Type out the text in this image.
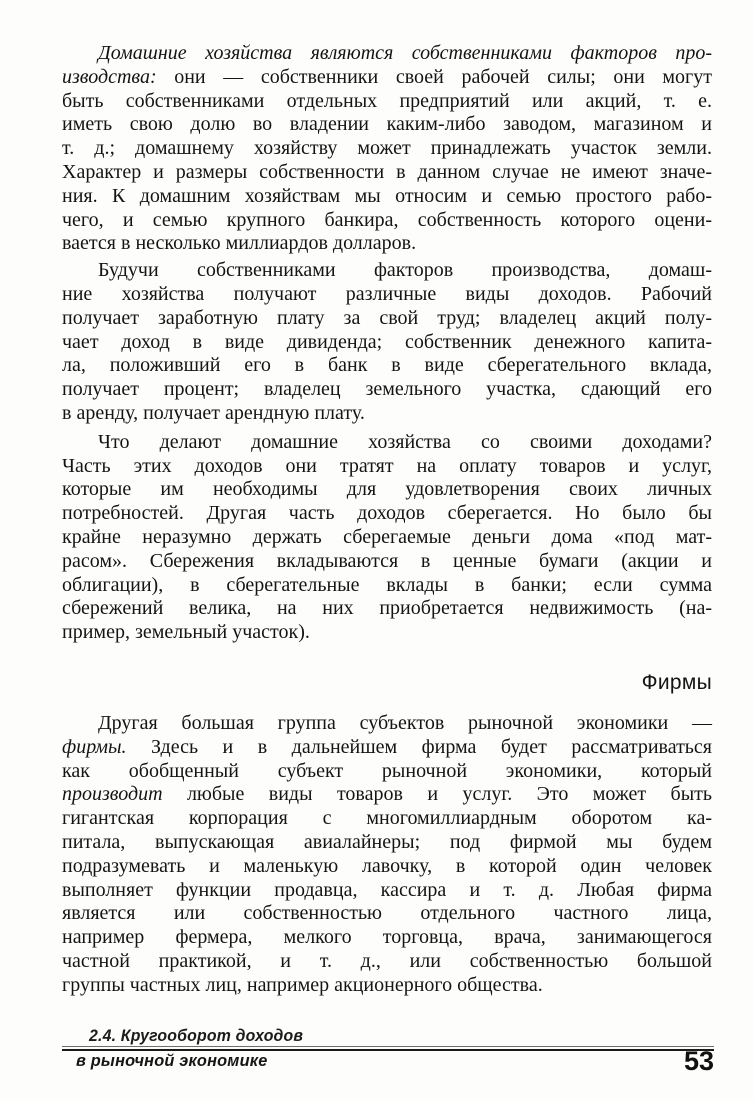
Домашние хозяйства являются собственниками факторов про-
изводства: они — собственники своей рабочей силы; они могут
быть собственниками отдельных предприятий или акций, т. е.
иметь свою долю во владении каким-либо заводом, магазином и
т. д.; домашнему хозяйству может принадлежать участок земли.
Характер и размеры собственности в данном случае не имеют значе-
ния. К домашним хозяйствам мы относим и семью простого рабо-
чего, и семью крупного банкира, собственность которого оцени-
вается в несколько миллиардов долларов.
Будучи собственниками факторов производства, домаш-
ние хозяйства получают различные виды доходов. Рабочий
получает заработную плату за свой труд; владелец акций полу-
чает доход в виде дивиденда; собственник денежного капита-
ла, положивший его в банк в виде сберегательного вклада,
получает процент; владелец земельного участка, сдающий его
в аренду, получает арендную плату.
Что делают домашние хозяйства со своими доходами?
Часть этих доходов они тратят на оплату товаров и услуг,
которые им необходимы для удовлетворения своих личных
потребностей. Другая часть доходов сберегается. Но было бы
крайне неразумно держать сберегаемые деньги дома «под мат-
расом». Сбережения вкладываются в ценные бумаги (акции и
облигации), в сберегательные вклады в банки; если сумма
сбережений велика, на них приобретается недвижимость (на-
пример, земельный участок).
Фирмы
Другая большая группа субъектов рыночной экономики —
фирмы. Здесь и в дальнейшем фирма будет рассматриваться
как обобщенный субъект рыночной экономики, который
производит любые виды товаров и услуг. Это может быть
гигантская корпорация с многомиллиардным оборотом ка-
питала, выпускающая авиалайнеры; под фирмой мы будем
подразумевать и маленькую лавочку, в которой один человек
выполняет функции продавца, кассира и т. д. Любая фирма
является или собственностью отдельного частного лица,
например фермера, мелкого торговца, врача, занимающегося
частной практикой, и т. д., или собственностью большой
группы частных лиц, например акционерного общества.
2.4. Кругооборот доходов
в рыночной экономике	53
